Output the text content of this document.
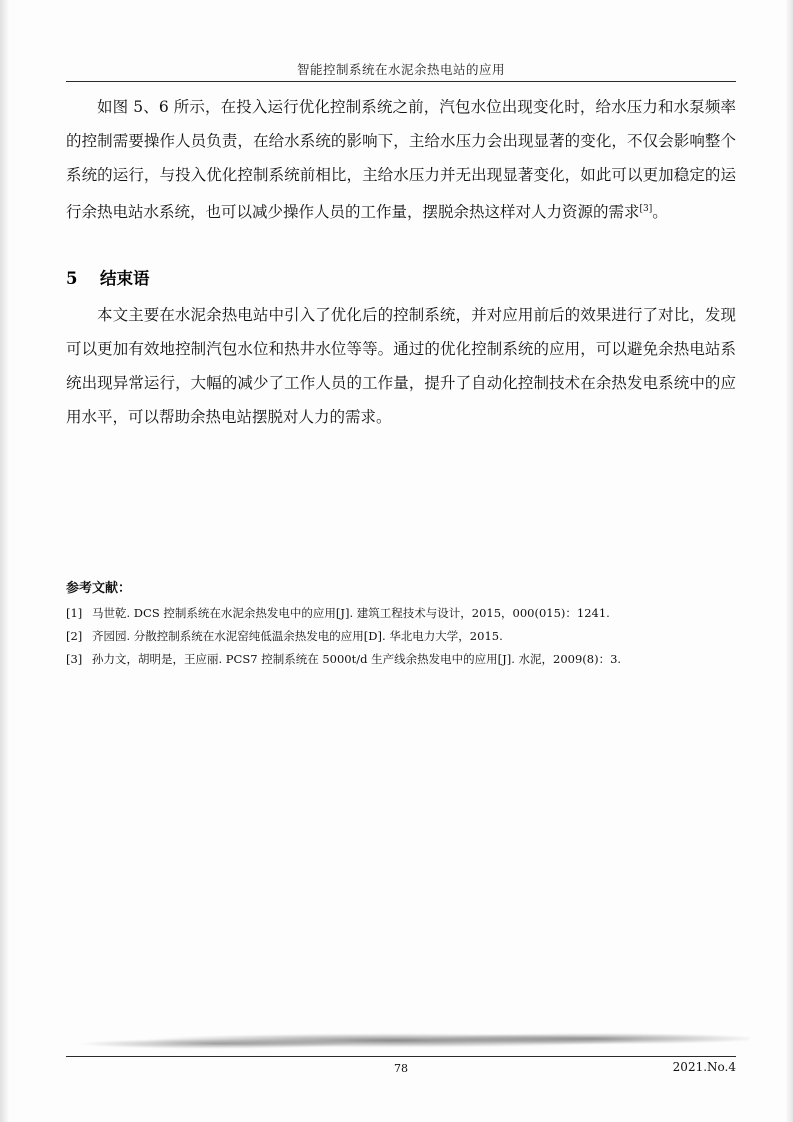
智能控制系统在水泥余热电站的应用

如图 5、6 所示，在投入运行优化控制系统之前，汽包水位出现变化时，给水压力和水泵频率的控制需要操作人员负责，在给水系统的影响下，主给水压力会出现显著的变化，不仅会影响整个系统的运行，与投入优化控制系统前相比，主给水压力并无出现显著变化，如此可以更加稳定的运行余热电站水系统，也可以减少操作人员的工作量，摆脱余热这样对人力资源的需求[3]。

5 结束语

本文主要在水泥余热电站中引入了优化后的控制系统，并对应用前后的效果进行了对比，发现可以更加有效地控制汽包水位和热井水位等等。通过的优化控制系统的应用，可以避免余热电站系统出现异常运行，大幅的减少了工作人员的工作量，提升了自动化控制技术在余热发电系统中的应用水平，可以帮助余热电站摆脱对人力的需求。

参考文献：
[1] 马世乾. DCS 控制系统在水泥余热发电中的应用[J]. 建筑工程技术与设计，2015，000(015)：1241.
[2] 齐园园. 分散控制系统在水泥窑纯低温余热发电的应用[D]. 华北电力大学，2015.
[3] 孙力文，胡明是，王应丽. PCS7 控制系统在 5000t/d 生产线余热发电中的应用[J]. 水泥，2009(8)：3.
78	2021.No.4
